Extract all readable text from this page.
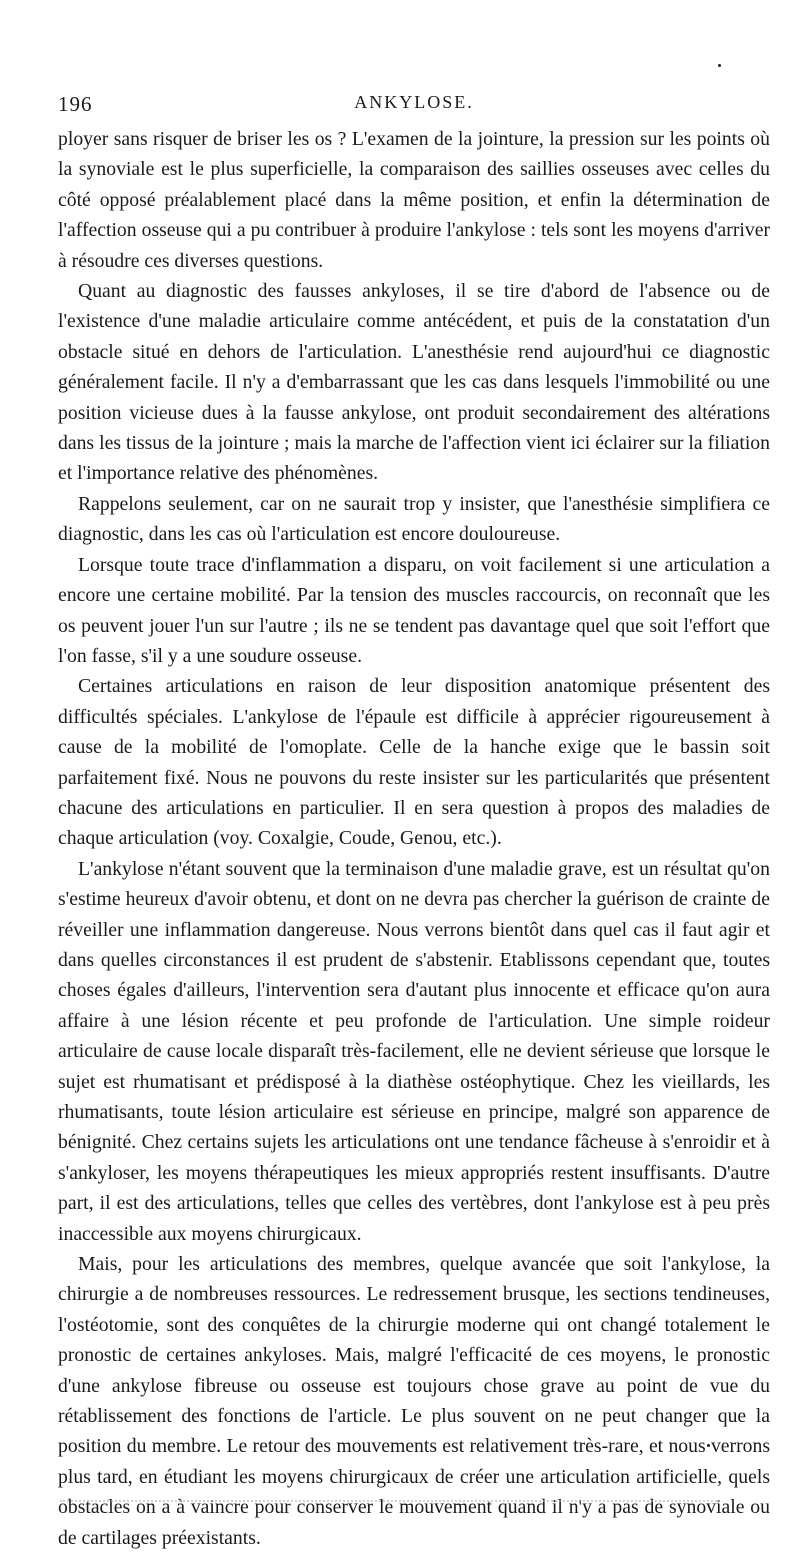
196	ANKYLOSE.

ployer sans risquer de briser les os ? L'examen de la jointure, la pression sur les points où la synoviale est le plus superficielle, la comparaison des saillies osseuses avec celles du côté opposé préalablement placé dans la même position, et enfin la détermination de l'affection osseuse qui a pu contribuer à produire l'ankylose : tels sont les moyens d'arriver à résoudre ces diverses questions.

Quant au diagnostic des fausses ankyloses, il se tire d'abord de l'absence ou de l'existence d'une maladie articulaire comme antécédent, et puis de la constatation d'un obstacle situé en dehors de l'articulation. L'anesthésie rend aujourd'hui ce diagnostic généralement facile. Il n'y a d'embarrassant que les cas dans lesquels l'immobilité ou une position vicieuse dues à la fausse ankylose, ont produit secondairement des altérations dans les tissus de la jointure ; mais la marche de l'affection vient ici éclairer sur la filiation et l'importance relative des phénomènes.

Rappelons seulement, car on ne saurait trop y insister, que l'anesthésie simplifiera ce diagnostic, dans les cas où l'articulation est encore douloureuse.

Lorsque toute trace d'inflammation a disparu, on voit facilement si une articulation a encore une certaine mobilité. Par la tension des muscles raccourcis, on reconnaît que les os peuvent jouer l'un sur l'autre ; ils ne se tendent pas davantage quel que soit l'effort que l'on fasse, s'il y a une soudure osseuse.

Certaines articulations en raison de leur disposition anatomique présentent des difficultés spéciales. L'ankylose de l'épaule est difficile à apprécier rigoureusement à cause de la mobilité de l'omoplate. Celle de la hanche exige que le bassin soit parfaitement fixé. Nous ne pouvons du reste insister sur les particularités que présentent chacune des articulations en particulier. Il en sera question à propos des maladies de chaque articulation (voy. Coxalgie, Coude, Genou, etc.).

L'ankylose n'étant souvent que la terminaison d'une maladie grave, est un résultat qu'on s'estime heureux d'avoir obtenu, et dont on ne devra pas chercher la guérison de crainte de réveiller une inflammation dangereuse. Nous verrons bientôt dans quel cas il faut agir et dans quelles circonstances il est prudent de s'abstenir. Etablissons cependant que, toutes choses égales d'ailleurs, l'intervention sera d'autant plus innocente et efficace qu'on aura affaire à une lésion récente et peu profonde de l'articulation. Une simple roideur articulaire de cause locale disparaît très-facilement, elle ne devient sérieuse que lorsque le sujet est rhumatisant et prédisposé à la diathèse ostéophytique. Chez les vieillards, les rhumatisants, toute lésion articulaire est sérieuse en principe, malgré son apparence de bénignité. Chez certains sujets les articulations ont une tendance fâcheuse à s'enroidir et à s'ankyloser, les moyens thérapeutiques les mieux appropriés restent insuffisants. D'autre part, il est des articulations, telles que celles des vertèbres, dont l'ankylose est à peu près inaccessible aux moyens chirurgicaux.

Mais, pour les articulations des membres, quelque avancée que soit l'ankylose, la chirurgie a de nombreuses ressources. Le redressement brusque, les sections tendineuses, l'ostéotomie, sont des conquêtes de la chirurgie moderne qui ont changé totalement le pronostic de certaines ankyloses. Mais, malgré l'efficacité de ces moyens, le pronostic d'une ankylose fibreuse ou osseuse est toujours chose grave au point de vue du rétablissement des fonctions de l'article. Le plus souvent on ne peut changer que la position du membre. Le retour des mouvements est relativement très-rare, et nous verrons plus tard, en étudiant les moyens chirurgicaux de créer une articulation artificielle, quels obstacles on a à vaincre pour conserver le mouvement quand il n'y a pas de synoviale ou de cartilages préexistants.
